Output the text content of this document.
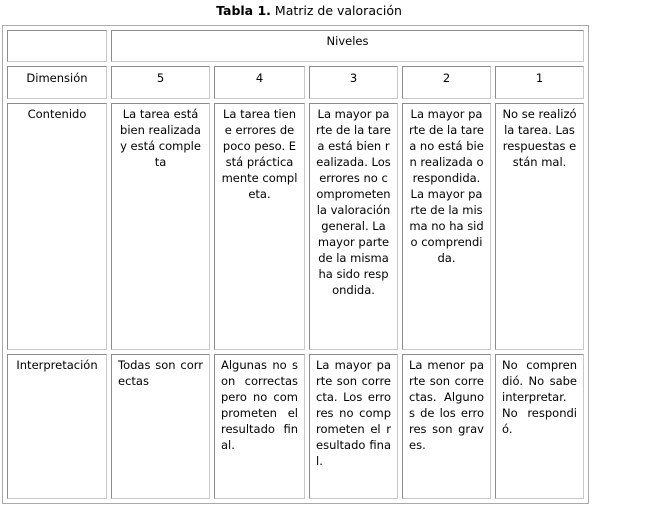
Tabla 1. Matriz de valoración
	Niveles				
Dimensión	5	4	3	2	1
Contenido	La tarea está bien realizada y está completa	La tarea tiene errores de poco peso. Está prácticamente completa.	La mayor parte de la tarea está bien realizada. Los errores no comprometen la valoración general. La mayor parte de la misma ha sido respondida.	La mayor parte de la tarea no está bien realizada o respondida. La mayor parte de la misma no ha sido comprendida.	No se realizó la tarea. Las respuestas están mal.
Interpretación	Todas son correctas	Algunas no son correctas pero no comprometen el resultado final.	La mayor parte son correcta. Los errores no comprometen el resultado final.	La menor parte son correctas. Algunos de los errores son graves.	No comprendió. No sabe interpretar. No respondió.
